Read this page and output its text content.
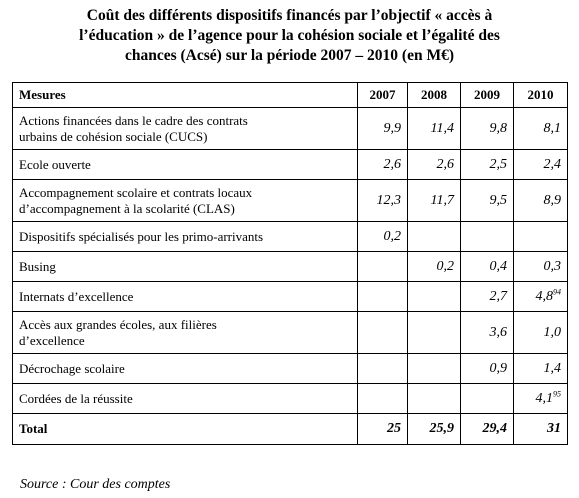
Coût des différents dispositifs financés par l’objectif « accès à
l’éducation » de l’agence pour la cohésion sociale et l’égalité des
chances (Acsé) sur la période 2007 – 2010 (en M€)
Mesures	2007	2008	2009	2010

Actions financées dans le cadre des contrats
urbains de cohésion sociale (CUCS)	9,9	11,4	9,8	8,1

Ecole ouverte	2,6	2,6	2,5	2,4

Accompagnement scolaire et contrats locaux
d’accompagnement à la scolarité (CLAS)	12,3	11,7	9,5	8,9

Dispositifs spécialisés pour les primo-arrivants	0,2			

Busing		0,2	0,4	0,3

Internats d’excellence			2,7	$4,8^{94}$

Accès aux grandes écoles, aux filières
d’excellence			3,6	1,0

Décrochage scolaire			0,9	1,4

Cordées de la réussite				$4,1^{95}$
Total	25	25,9	29,4	31
Source : Cour des comptes
